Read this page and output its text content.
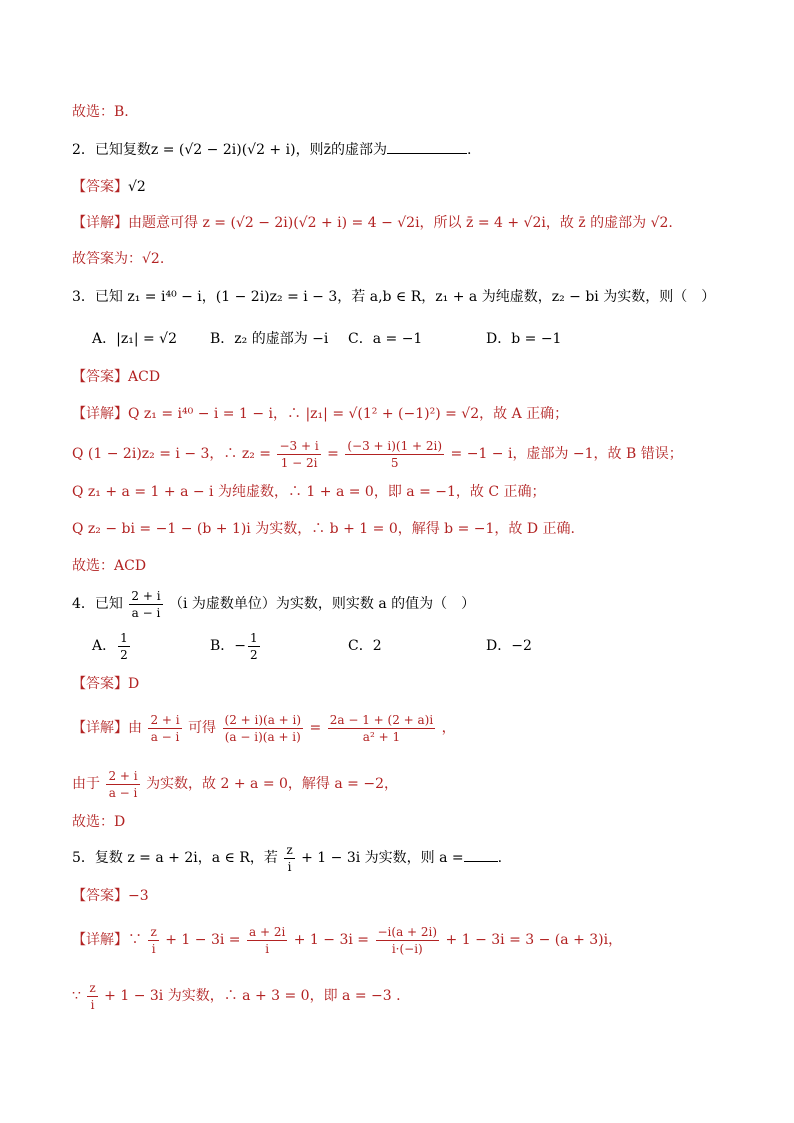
故选：B.
2．已知复数z = (√2 − 2i)(√2 + i)，则z̄的虚部为	.
【答案】√2
【详解】由题意可得 z = (√2 − 2i)(√2 + i) = 4 − √2i，所以 z̄ = 4 + √2i，故 z̄ 的虚部为 √2.
故答案为：√2.
3．已知 z₁ = i⁴⁰ − i，(1 − 2i)z₂ = i − 3，若 a,b ∈ R，z₁ + a 为纯虚数，z₂ − bi 为实数，则（　）
A．|z₁| = √2 B．z₂ 的虚部为 −i C．a = −1	D．b = −1
【答案】ACD
【详解】Q z₁ = i⁴⁰ − i = 1 − i，∴ |z₁| = √(1² + (−1)²) = √2，故 A 正确；
Q (1 − 2i)z₂ = i − 3，∴ $z_2 = \frac{-3 + i}{1 - 2i} = \frac{(-3 + i)(1 + 2i)}{5} = -1 - i$，虚部为 −1，故 B 错误；
Q z₁ + a = 1 + a − i 为纯虚数，∴ 1 + a = 0，即 a = −1，故 C 正确；
Q z₂ − bi = −1 − (b + 1)i 为实数，∴ b + 1 = 0，解得 b = −1，故 D 正确.
故选：ACD
4．已知 $\frac{2 + i}{a - i} (i$ 为虚数单位）为实数，则实数 a 的值为（　）
A． $\frac{1}{2}$	B．− $\frac{1}{2}$	C．2	D．−2
【答案】D
【详解】由 $\frac{2 + i}{a - i}$ 可得 $\frac{(2 + i)(a + i)}{(a - i)(a + i)} = \frac{2a - 1 + (2 + a)i}{\text{a² + 1}}$ ，
由于 $\frac{2 + i}{a - i}$ 为实数，故 2 + a = 0，解得 a = −2，
故选：D
5．复数 z = a + 2i，a ∈ R，若 $\frac{z}{i} + 1 - 3i$ 为实数，则 a = .
【答案】−3
【详解】∵ $\frac{z}{i} + 1 - 3i = \frac{a + 2i}{i} + 1 - 3i = \frac{-i(a + 2i)}{i\cdot(-i)} + 1 - 3i = 3 - (a + 3)i$，
∵ $\frac{z}{i} + 1 - 3i$ 为实数，∴ a + 3 = 0，即 a = −3 .
